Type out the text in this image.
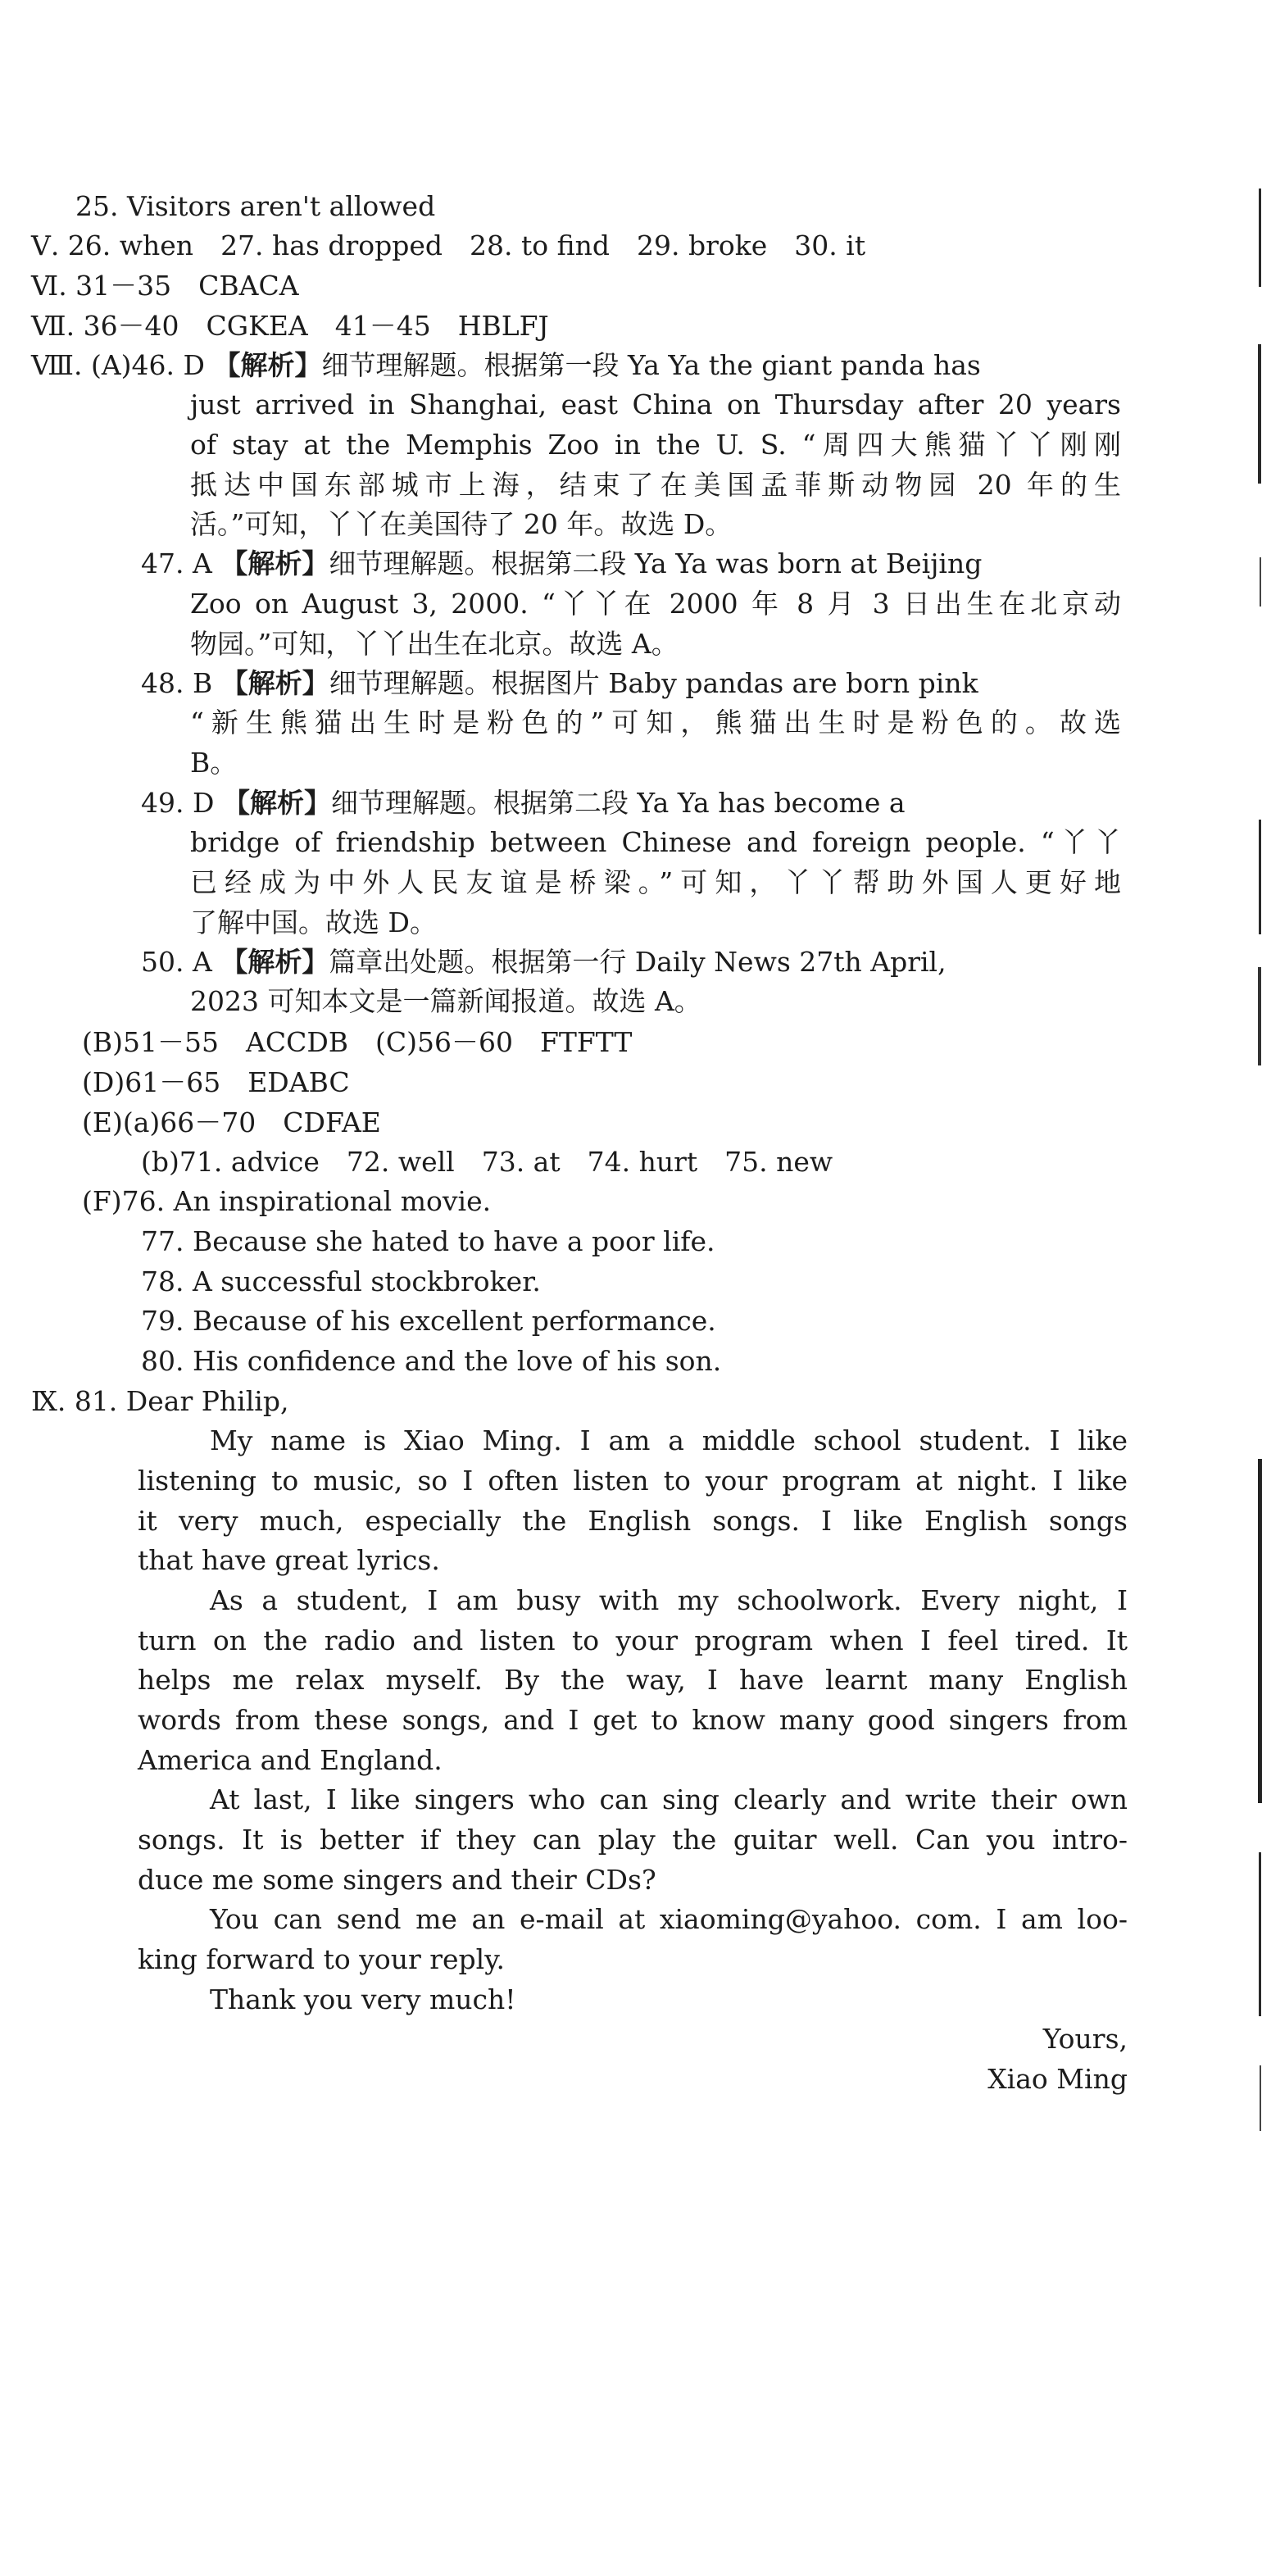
25. Visitors aren't allowed
Ⅴ. 26. when　27. has dropped　28. to find　29. broke　30. it
Ⅵ. 31－35　CBACA
Ⅶ. 36－40　CGKEA　41－45　HBLFJ
Ⅷ. (A)46. D 【解析】细节理解题。根据第一段 Ya Ya the giant panda has
just arrived in Shanghai, east China on Thursday after 20 years
of stay at the Memphis Zoo in the U. S. “周四大熊猫丫丫刚刚
抵达中国东部城市上海，结束了在美国孟菲斯动物园 20 年的生
活。”可知，丫丫在美国待了 20 年。故选 D。
47. A 【解析】细节理解题。根据第二段 Ya Ya was born at Beijing
Zoo on August 3, 2000. “丫丫在 2000 年 8 月 3 日出生在北京动
物园。”可知，丫丫出生在北京。故选 A。
48. B 【解析】细节理解题。根据图片 Baby pandas are born pink
“新生熊猫出生时是粉色的”可知，熊猫出生时是粉色的。故选
B。
49. D 【解析】细节理解题。根据第二段 Ya Ya has become a
bridge of friendship between Chinese and foreign people. “丫丫
已经成为中外人民友谊是桥梁。”可知，丫丫帮助外国人更好地
了解中国。故选 D。
50. A 【解析】篇章出处题。根据第一行 Daily News 27th April,
2023 可知本文是一篇新闻报道。故选 A。
(B)51－55　ACCDB　(C)56－60　FTFTT
(D)61－65　EDABC
(E)(a)66－70　CDFAE
(b)71. advice　72. well　73. at　74. hurt　75. new
(F)76. An inspirational movie.
77. Because she hated to have a poor life.
78. A successful stockbroker.
79. Because of his excellent performance.
80. His confidence and the love of his son.
Ⅸ. 81. Dear Philip,
My name is Xiao Ming. I am a middle school student. I like
listening to music, so I often listen to your program at night. I like
it very much, especially the English songs. I like English songs
that have great lyrics.
As a student, I am busy with my schoolwork. Every night, I
turn on the radio and listen to your program when I feel tired. It
helps me relax myself. By the way, I have learnt many English
words from these songs, and I get to know many good singers from
America and England.
At last, I like singers who can sing clearly and write their own
songs. It is better if they can play the guitar well. Can you intro-
duce me some singers and their CDs?
You can send me an e-mail at xiaoming@yahoo. com. I am loo-
king forward to your reply.
Thank you very much!
Yours,
Xiao Ming
